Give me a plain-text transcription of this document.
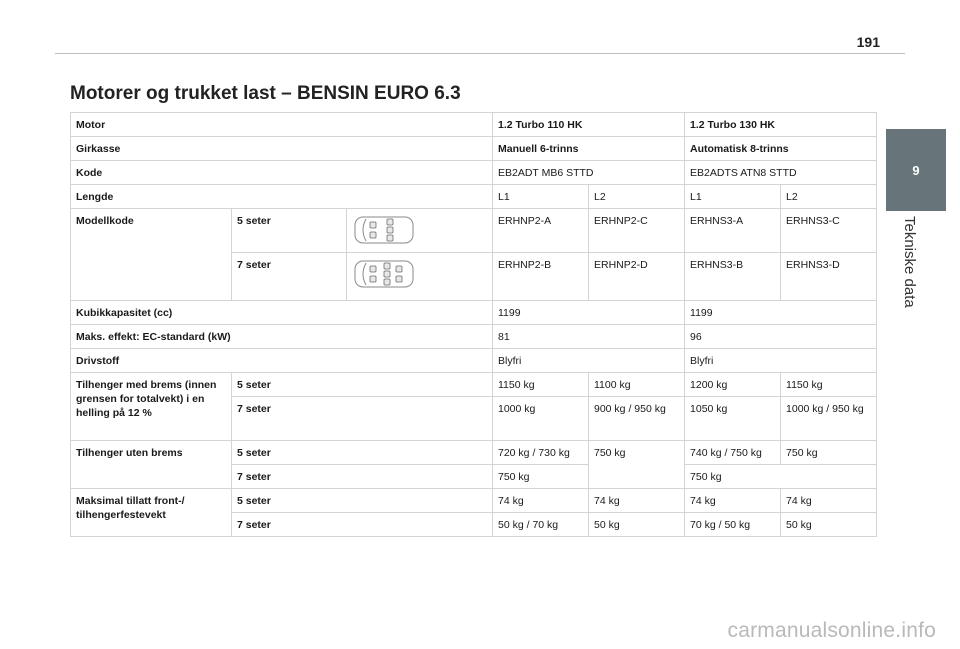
191
9
Tekniske data
Motorer og trukket last – BENSIN EURO 6.3
Motor			1.2 Turbo 110 HK		1.2 Turbo 130 HK	
Girkasse			Manuell 6-trinns		Automatisk 8-trinns	
Kode			EB2ADT MB6 STTD		EB2ADTS ATN8 STTD	
Lengde			L1	L2	L1	L2
Modellkode	5 seter		ERHNP2-A	ERHNP2-C	ERHNS3-A	ERHNS3-C
	7 seter		ERHNP2-B	ERHNP2-D	ERHNS3-B	ERHNS3-D
Kubikkapasitet (cc)			1199		1199	
Maks. effekt: EC-standard (kW)			81		96	
Drivstoff			Blyfri		Blyfri	
Tilhenger med brems (innen grensen for totalvekt) i en helling på 12 %	5 seter		1150 kg	1100 kg	1200 kg	1150 kg
	7 seter		1000 kg	900 kg / 950 kg	1050 kg	1000 kg / 950 kg
Tilhenger uten brems	5 seter		720 kg / 730 kg	750 kg	740 kg / 750 kg	750 kg
	7 seter		750 kg		750 kg	
Maksimal tillatt front-/ tilhengerfestevekt	5 seter		74 kg	74 kg	74 kg	74 kg
	7 seter		50 kg / 70 kg	50 kg	70 kg / 50 kg	50 kg
carmanualsonline.info
